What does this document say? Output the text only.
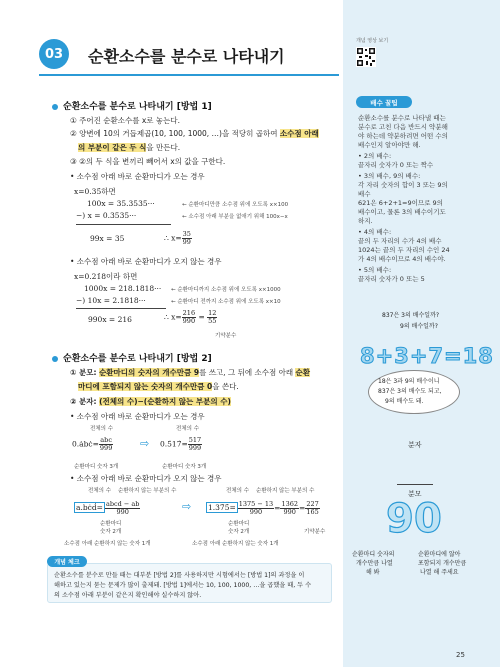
03	순환소수를 분수로 나타내기
순환소수를 분수로 나타내기 [방법 1]
① 주어진 순환소수를 x로 놓는다.
② 양변에 10의 거듭제곱(10, 100, 1000, …)을 적당히 곱하여 소수점 아래
의 부분이 같은 두 식을 만든다.
③ ②의 두 식을 변끼리 빼어서 x의 값을 구한다.
• 소수점 아래 바로 순환마디가 오는 경우
x=0.35̇하면
100x = 35.3535···	← 순환마디만큼 소수점 위에 오도록 x×100
−) x = 0.3535···	← 소수점 아래 부분을 없애기 위해 100x−x
99x = 35	∴ $x= \frac{35}{99}$
• 소수점 아래 바로 순환마디가 오지 않는 경우
x=0.21̇8이라 하면
1000x = 218.1818··· ← 순환마디까지 소수점 위에 오도록 x×1000
−) 10x = 2.1818···	← 순환마디 전까지 소수점 위에 오도록 x×10
990x = 216	∴ $x= \frac{216}{990} = \frac{12}{55}$
기약분수
순환소수를 분수로 나타내기 [방법 2]
① 분모: 순환마디의 숫자의 개수만큼 9를 쓰고, 그 뒤에 소수점 아래 순환
마디에 포함되지 않는 숫자의 개수만큼 0을 쓴다.
② 분자: (전체의 수)−(순환하지 않는 부분의 수)
• 소수점 아래 바로 순환마디가 오는 경우
전체의 수
0.ȧbċ= $\frac{\text{abc}}{999}$
순환마디 숫자 3개
⇨
전체의 수
0.5̇17̇= $\frac{517}{999}$
순환마디 숫자 3개
• 소수점 아래 바로 순환마디가 오지 않는 경우
전체의 수 순환하지 않는 부분의 수
a.bċḋ= $\frac{\text{abcd − ab}}{990}$
순환마디
숫자 2개
소수점 아래 순환하지 않는 숫자 1개
⇨
전체의 수 순환하지 않는 부분의 수
1.37̇5̇= $\frac{1375 - 13}{990} = \frac{1362}{990} = \frac{227}{165}$
기약분수
순환마디
숫자 2개
소수점 아래 순환하지 않는 숫자 1개
순환소수를 분수로 만들 때는 대부분 [방법 2]를 사용하지만 시험에서는 [방법 1]의 과정을 이
해하고 있는지 묻는 문제가 많이 출제돼. [방법 1]에서는 10, 100, 1000, …을 곱했을 때, 두 수
의 소수점 아래 부분이 같은지 확인해야 실수하지 않아.
개념 체크
개념 영상 보기
배수 꿀팁
순환소수를 분수로 나타낼 때는
분수로 고친 다음 반드시 약분해
야 하는데 약분하려면 어떤 수의
배수인지 알아야만 해.
• 2의 배수:
끝자리 숫자가 0 또는 짝수
• 3의 배수, 9의 배수:
각 자리 숫자의 합이 3 또는 9의
배수
621은 6+2+1=9이므로 9의
배수이고, 물론 3의 배수이기도
하지.
• 4의 배수:
끝의 두 자리의 수가 4의 배수
1024는 끝의 두 자리의 수인 24
가 4의 배수이므로 4의 배수야.
• 5의 배수:
끝자리 숫자가 0 또는 5
837은 3의 배수일까?
9의 배수일까?
8+3+7=18
18은 3과 9의 배수이니
837은 3의 배수도 되고,
9의 배수도 돼.
분자
분모
9 0
순환마디 숫자의
개수만큼 나열
해 봐
순환마디에 않아
포함되지 개수만큼
나열 해 주세요
25
